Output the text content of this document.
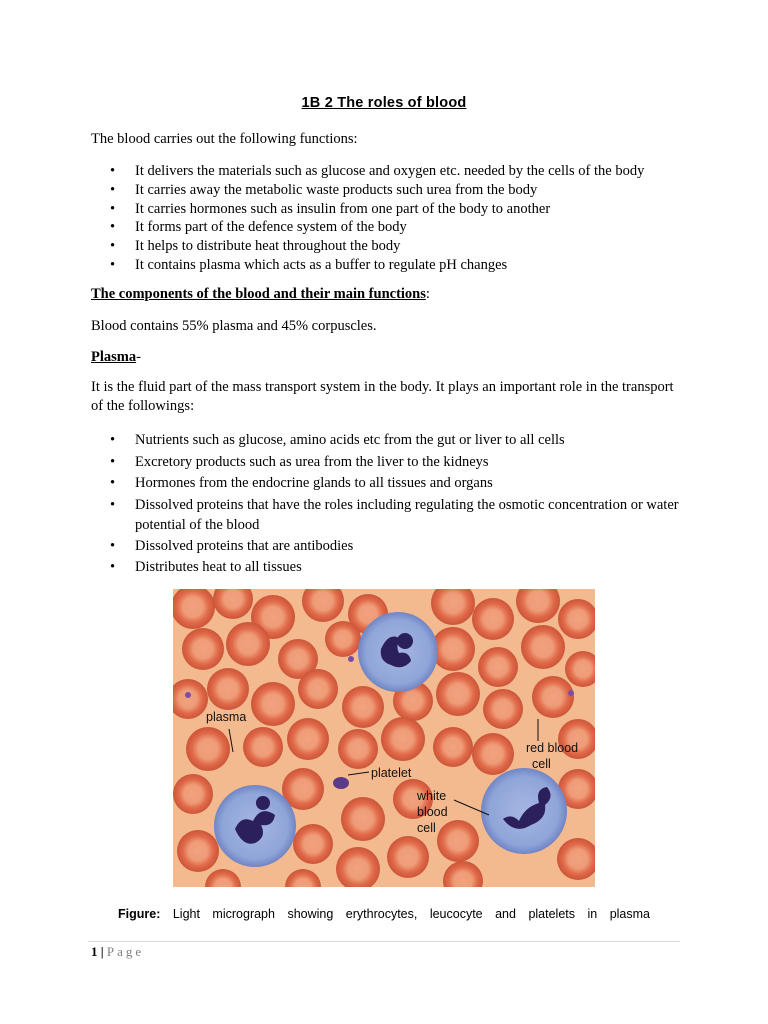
1B 2 The roles of blood

The blood carries out the following functions:

• It delivers the materials such as glucose and oxygen etc. needed by the cells of the body
• It carries away the metabolic waste products such urea from the body
• It carries hormones such as insulin from one part of the body to another
• It forms part of the defence system of the body
• It helps to distribute heat throughout the body
• It contains plasma which acts as a buffer to regulate pH changes

The components of the blood and their main functions:

Blood contains 55% plasma and 45% corpuscles.

Plasma-

It is the fluid part of the mass transport system in the body. It plays an important role in the transport of the followings:

• Nutrients such as glucose, amino acids etc from the gut or liver to all cells
• Excretory products such as urea from the liver to the kidneys
• Hormones from the endocrine glands to all tissues and organs
• Dissolved proteins that have the roles including regulating the osmotic concentration or water potential of the blood
• Dissolved proteins that are antibodies
• Distributes heat to all tissues
plasma
platelet
red blood
cell
white
blood
cell
Figure: Light micrograph showing erythrocytes, leucocyte and platelets in plasma
1 | Page
